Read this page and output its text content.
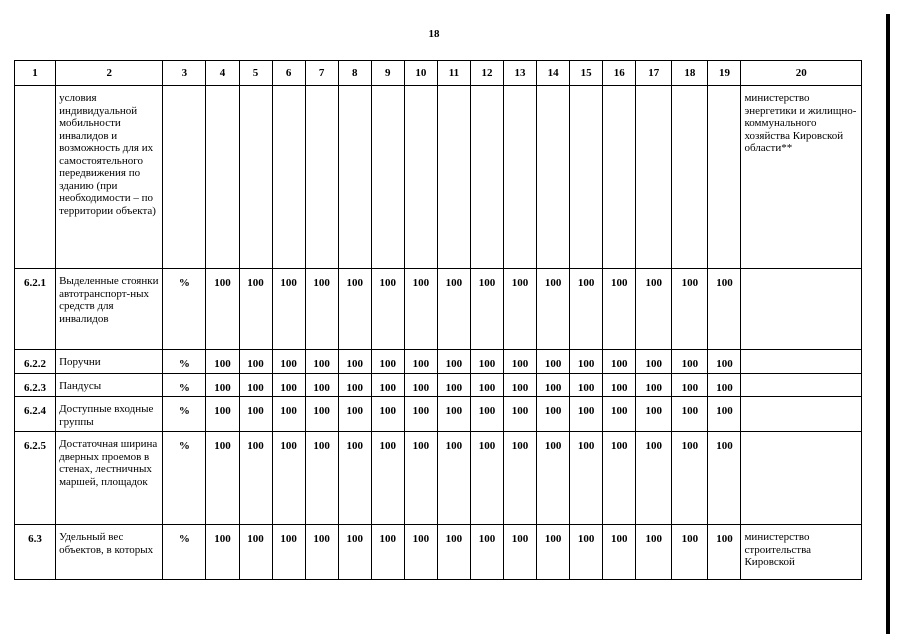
18
1	2	3	4	5	6	7	8	9	10	11	12	13	14	15	16	17	18	19	20
	условия индивидуальной мобильности инвалидов и возможность для их самостоятельного передвижения по зданию (при необходимости – по территории объекта)																		министерство энергетики и жилищно-коммунального хозяйства Кировской области**
6.2.1	Выделенные стоянки автотранспорт-ных средств для инвалидов	%	100	100	100	100	100	100	100	100	100	100	100	100	100	100	100	100	
6.2.2	Поручни	%	100	100	100	100	100	100	100	100	100	100	100	100	100	100	100	100	
6.2.3	Пандусы	%	100	100	100	100	100	100	100	100	100	100	100	100	100	100	100	100	
6.2.4	Доступные входные группы	%	100	100	100	100	100	100	100	100	100	100	100	100	100	100	100	100	
6.2.5	Достаточная ширина дверных проемов в стенах, лестничных маршей, площадок	%	100	100	100	100	100	100	100	100	100	100	100	100	100	100	100	100	
6.3	Удельный вес объектов, в которых	%	100	100	100	100	100	100	100	100	100	100	100	100	100	100	100	100	министерство строительства Кировской
